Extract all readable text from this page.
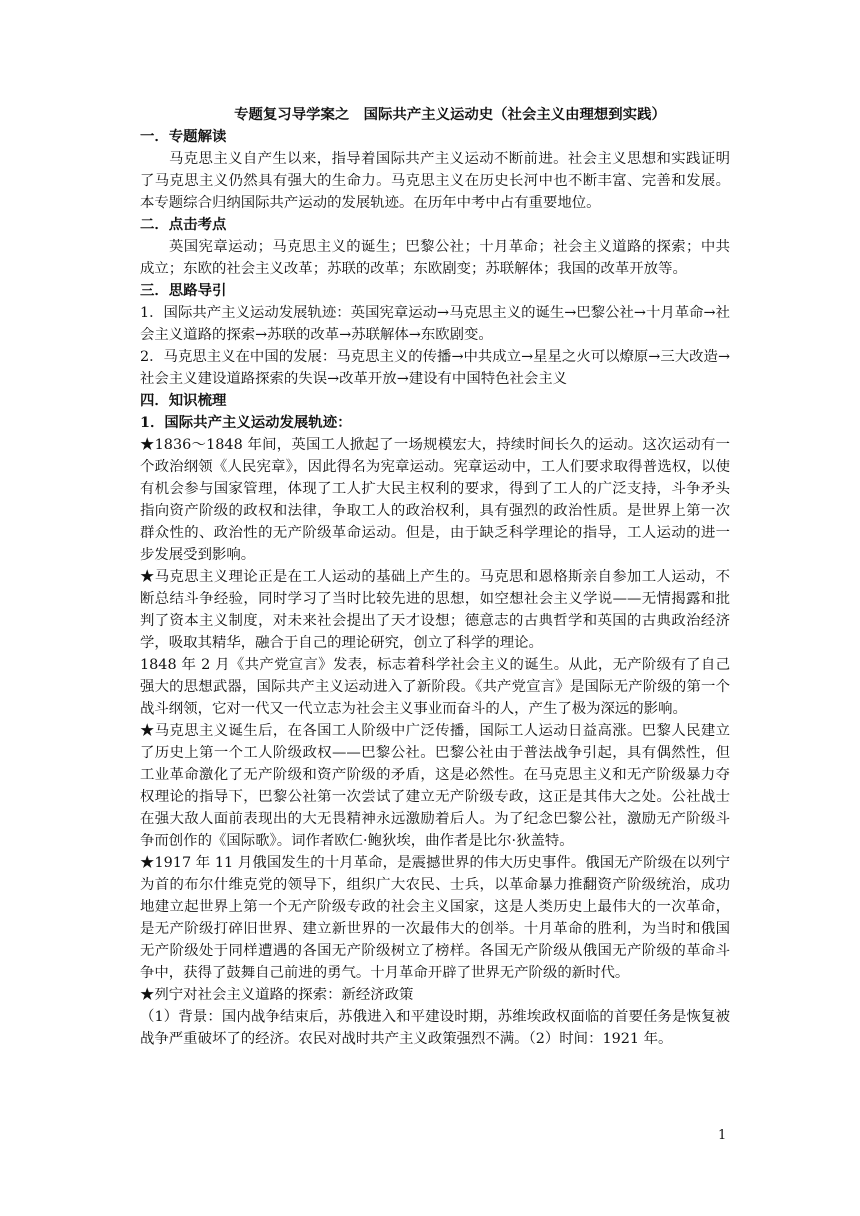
专题复习导学案之　国际共产主义运动史（社会主义由理想到实践）

一．专题解读

马克思主义自产生以来，指导着国际共产主义运动不断前进。社会主义思想和实践证明了马克思主义仍然具有强大的生命力。马克思主义在历史长河中也不断丰富、完善和发展。本专题综合归纳国际共产运动的发展轨迹。在历年中考中占有重要地位。

二．点击考点

英国宪章运动；马克思主义的诞生；巴黎公社；十月革命；社会主义道路的探索；中共成立；东欧的社会主义改革；苏联的改革；东欧剧变；苏联解体；我国的改革开放等。

三．思路导引

1．国际共产主义运动发展轨迹：英国宪章运动→马克思主义的诞生→巴黎公社→十月革命→社会主义道路的探索→苏联的改革→苏联解体→东欧剧变。

2．马克思主义在中国的发展：马克思主义的传播→中共成立→星星之火可以燎原→三大改造→社会主义建设道路探索的失误→改革开放→建设有中国特色社会主义

四．知识梳理

1．国际共产主义运动发展轨迹：

★1836～1848 年间，英国工人掀起了一场规模宏大，持续时间长久的运动。这次运动有一个政治纲领《人民宪章》，因此得名为宪章运动。宪章运动中，工人们要求取得普选权，以使有机会参与国家管理，体现了工人扩大民主权利的要求，得到了工人的广泛支持，斗争矛头指向资产阶级的政权和法律，争取工人的政治权利，具有强烈的政治性质。是世界上第一次群众性的、政治性的无产阶级革命运动。但是，由于缺乏科学理论的指导，工人运动的进一步发展受到影响。

★马克思主义理论正是在工人运动的基础上产生的。马克思和恩格斯亲自参加工人运动，不断总结斗争经验，同时学习了当时比较先进的思想，如空想社会主义学说——无情揭露和批判了资本主义制度，对未来社会提出了天才设想；德意志的古典哲学和英国的古典政治经济学，吸取其精华，融合于自己的理论研究，创立了科学的理论。

1848 年 2 月《共产党宣言》发表，标志着科学社会主义的诞生。从此，无产阶级有了自己强大的思想武器，国际共产主义运动进入了新阶段。《共产党宣言》是国际无产阶级的第一个战斗纲领，它对一代又一代立志为社会主义事业而奋斗的人，产生了极为深远的影响。

★马克思主义诞生后，在各国工人阶级中广泛传播，国际工人运动日益高涨。巴黎人民建立了历史上第一个工人阶级政权——巴黎公社。巴黎公社由于普法战争引起，具有偶然性，但工业革命激化了无产阶级和资产阶级的矛盾，这是必然性。在马克思主义和无产阶级暴力夺权理论的指导下，巴黎公社第一次尝试了建立无产阶级专政，这正是其伟大之处。公社战士在强大敌人面前表现出的大无畏精神永远激励着后人。为了纪念巴黎公社，激励无产阶级斗争而创作的《国际歌》。词作者欧仁·鲍狄埃，曲作者是比尔·狄盖特。

★1917 年 11 月俄国发生的十月革命，是震撼世界的伟大历史事件。俄国无产阶级在以列宁为首的布尔什维克党的领导下，组织广大农民、士兵，以革命暴力推翻资产阶级统治，成功地建立起世界上第一个无产阶级专政的社会主义国家，这是人类历史上最伟大的一次革命，是无产阶级打碎旧世界、建立新世界的一次最伟大的创举。十月革命的胜利，为当时和俄国无产阶级处于同样遭遇的各国无产阶级树立了榜样。各国无产阶级从俄国无产阶级的革命斗争中，获得了鼓舞自己前进的勇气。十月革命开辟了世界无产阶级的新时代。

★列宁对社会主义道路的探索：新经济政策

（1）背景：国内战争结束后，苏俄进入和平建设时期，苏维埃政权面临的首要任务是恢复被战争严重破坏了的经济。农民对战时共产主义政策强烈不满。（2）时间：1921 年。

1
